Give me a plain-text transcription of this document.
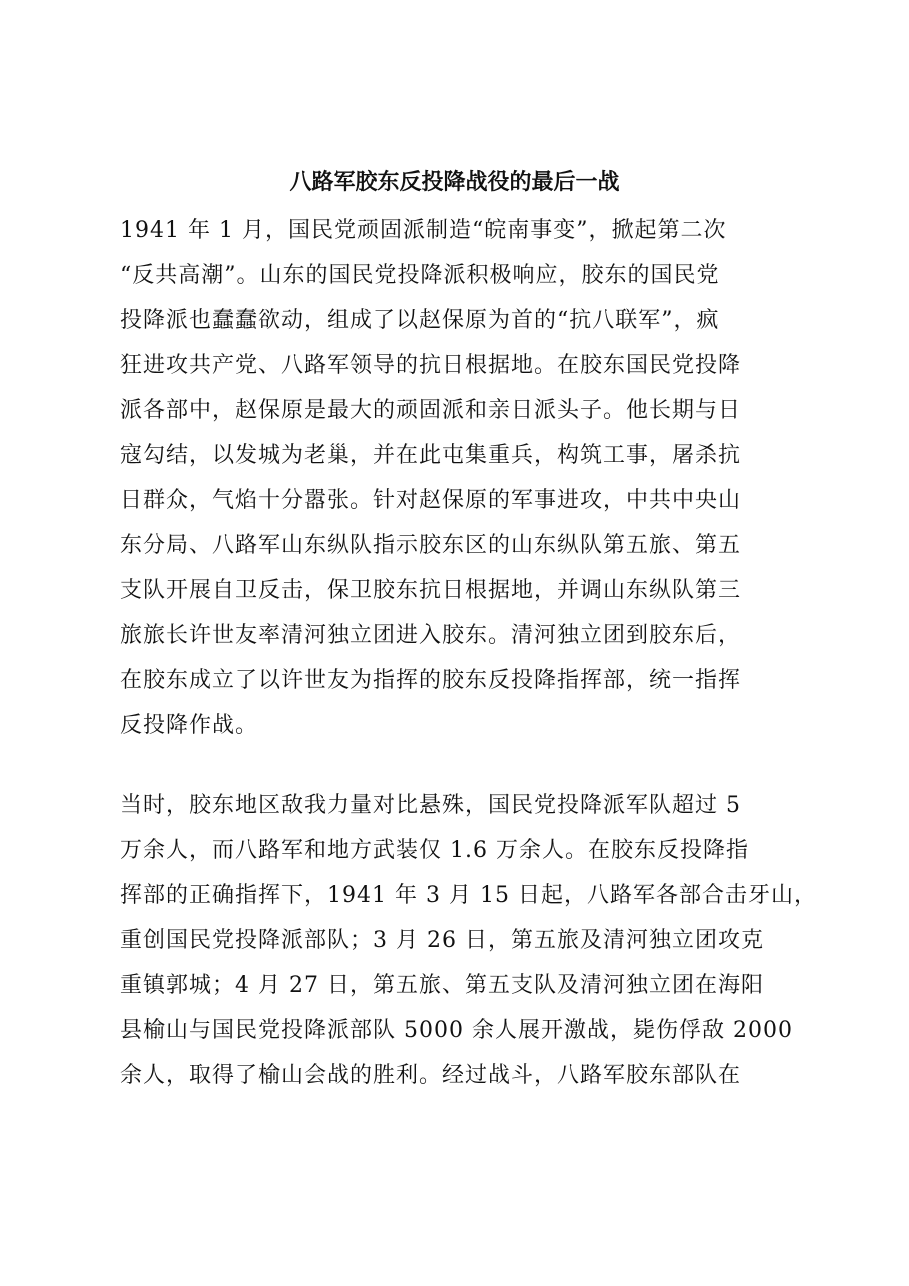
八路军胶东反投降战役的最后一战
1941 年 1 月，国民党顽固派制造“皖南事变”，掀起第二次
“反共高潮”。山东的国民党投降派积极响应，胶东的国民党
投降派也蠢蠢欲动，组成了以赵保原为首的“抗八联军”，疯
狂进攻共产党、八路军领导的抗日根据地。在胶东国民党投降
派各部中，赵保原是最大的顽固派和亲日派头子。他长期与日
寇勾结，以发城为老巢，并在此屯集重兵，构筑工事，屠杀抗
日群众，气焰十分嚣张。针对赵保原的军事进攻，中共中央山
东分局、八路军山东纵队指示胶东区的山东纵队第五旅、第五
支队开展自卫反击，保卫胶东抗日根据地，并调山东纵队第三
旅旅长许世友率清河独立团进入胶东。清河独立团到胶东后，
在胶东成立了以许世友为指挥的胶东反投降指挥部，统一指挥
反投降作战。
当时，胶东地区敌我力量对比悬殊，国民党投降派军队超过 5
万余人，而八路军和地方武装仅 1.6 万余人。在胶东反投降指
挥部的正确指挥下，1941 年 3 月 15 日起，八路军各部合击牙山，
重创国民党投降派部队；3 月 26 日，第五旅及清河独立团攻克
重镇郭城；4 月 27 日，第五旅、第五支队及清河独立团在海阳
县榆山与国民党投降派部队 5000 余人展开激战，毙伤俘敌 2000
余人，取得了榆山会战的胜利。经过战斗，八路军胶东部队在
